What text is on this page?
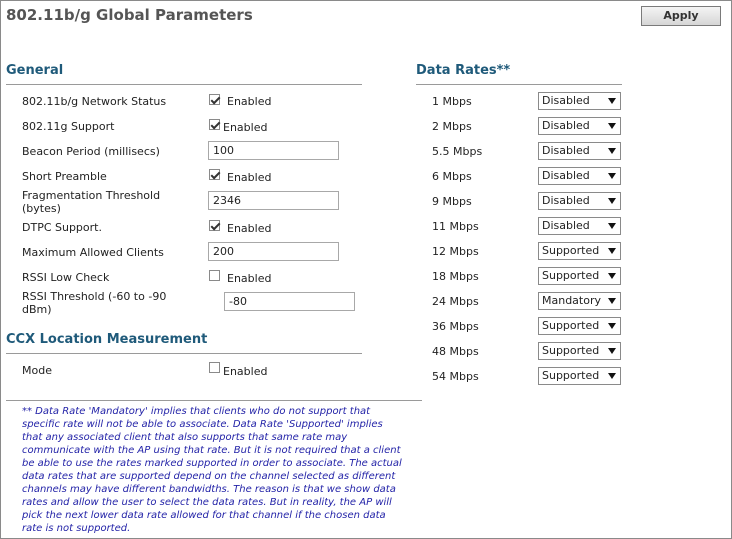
802.11b/g Global Parameters	Apply
General
802.11b/g Network Status	Enabled
802.11g Support	Enabled
Beacon Period (millisecs)
100
Short Preamble	Enabled
Fragmentation Threshold
(bytes)
2346
DTPC Support.	Enabled
Maximum Allowed Clients
200
RSSI Low Check	Enabled
RSSI Threshold (-60 to -90
dBm)
-80
CCX Location Measurement
Mode	Enabled
** Data Rate 'Mandatory' implies that clients who do not support that specific rate will not be able to associate. Data Rate 'Supported' implies that any associated client that also supports that same rate may communicate with the AP using that rate. But it is not required that a client be able to use the rates marked supported in order to associate. The actual data rates that are supported depend on the channel selected as different channels may have different bandwidths. The reason is that we show data rates and allow the user to select the data rates. But in reality, the AP will pick the next lower data rate allowed for that channel if the chosen data rate is not supported.
Data Rates**
1 Mbps	Disabled
2 Mbps	Disabled
5.5 Mbps	Disabled
6 Mbps	Disabled
9 Mbps	Disabled
11 Mbps	Disabled
12 Mbps	Supported
18 Mbps	Supported
24 Mbps	Mandatory
36 Mbps	Supported
48 Mbps	Supported
54 Mbps	Supported
